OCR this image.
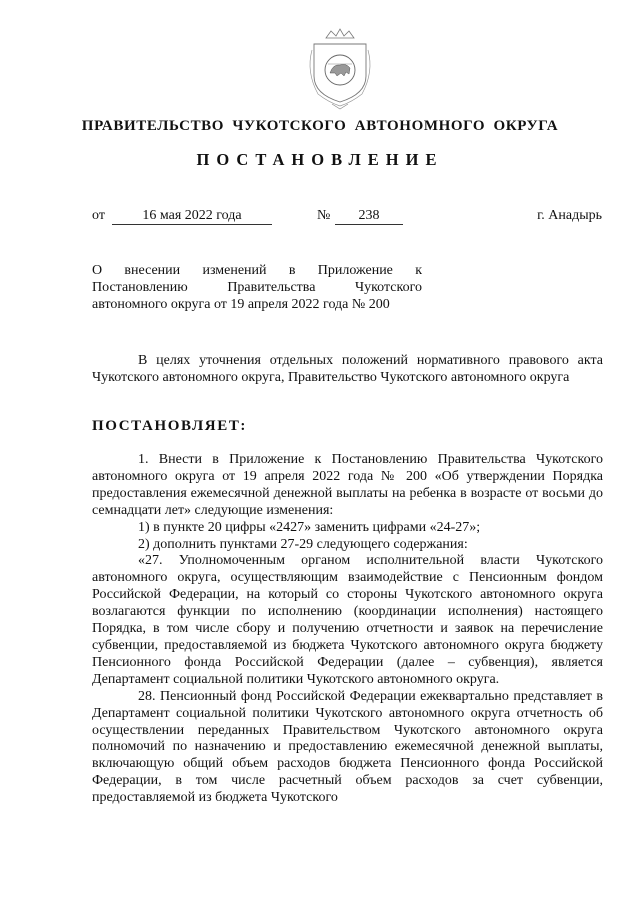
ПРАВИТЕЛЬСТВО ЧУКОТСКОГО АВТОНОМНОГО ОКРУГА
ПОСТАНОВЛЕНИЕ
от	16 мая 2022 года	№	238	г. Анадырь
О внесении изменений в Приложение к Постановлению Правительства Чукотского автономного округа от 19 апреля 2022 года № 200
В целях уточнения отдельных положений нормативного правового акта Чукотского автономного округа, Правительство Чукотского автономного округа
ПОСТАНОВЛЯЕТ:

1. Внести в Приложение к Постановлению Правительства Чукотского автономного округа от 19 апреля 2022 года № 200 «Об утверждении Порядка предоставления ежемесячной денежной выплаты на ребенка в возрасте от восьми до семнадцати лет» следующие изменения:

1) в пункте 20 цифры «2427» заменить цифрами «24-27»;

2) дополнить пунктами 27-29 следующего содержания:

«27. Уполномоченным органом исполнительной власти Чукотского автономного округа, осуществляющим взаимодействие с Пенсионным фондом Российской Федерации, на который со стороны Чукотского автономного округа возлагаются функции по исполнению (координации исполнения) настоящего Порядка, в том числе сбору и получению отчетности и заявок на перечисление субвенции, предоставляемой из бюджета Чукотского автономного округа бюджету Пенсионного фонда Российской Федерации (далее – субвенция), является Департамент социальной политики Чукотского автономного округа.

28. Пенсионный фонд Российской Федерации ежеквартально представляет в Департамент социальной политики Чукотского автономного округа отчетность об осуществлении переданных Правительством Чукотского автономного округа полномочий по назначению и предоставлению ежемесячной денежной выплаты, включающую общий объем расходов бюджета Пенсионного фонда Российской Федерации, в том числе расчетный объем расходов за счет субвенции, предоставляемой из бюджета Чукотского
